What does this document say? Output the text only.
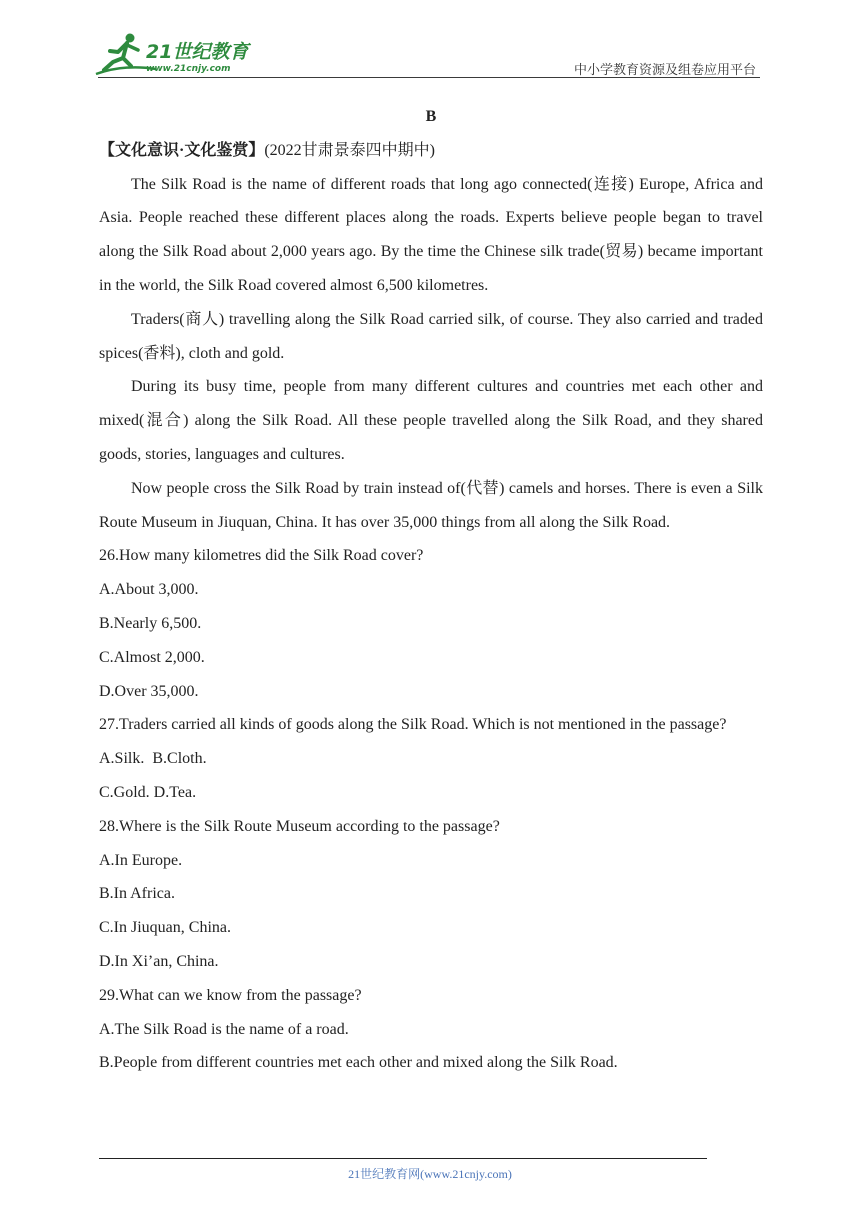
21世纪教育
www.21cnjy.com	中小学教育资源及组卷应用平台

B

【文化意识·文化鉴赏】(2022甘肃景泰四中期中)

The Silk Road is the name of different roads that long ago connected(连接) Europe, Africa and Asia. People reached these different places along the roads. Experts believe people began to travel along the Silk Road about 2,000 years ago. By the time the Chinese silk trade(贸易) became important in the world, the Silk Road covered almost 6,500 kilometres.

Traders(商人) travelling along the Silk Road carried silk, of course. They also carried and traded spices(香料), cloth and gold.

During its busy time, people from many different cultures and countries met each other and mixed(混合) along the Silk Road. All these people travelled along the Silk Road, and they shared goods, stories, languages and cultures.

Now people cross the Silk Road by train instead of(代替) camels and horses. There is even a Silk Route Museum in Jiuquan, China. It has over 35,000 things from all along the Silk Road.

26.How many kilometres did the Silk Road cover?

A.About 3,000.

B.Nearly 6,500.

C.Almost 2,000.

D.Over 35,000.

27.Traders carried all kinds of goods along the Silk Road. Which is not mentioned in the passage?

A.Silk. B.Cloth.

C.Gold. D.Tea.

28.Where is the Silk Route Museum according to the passage?

A.In Europe.

B.In Africa.

C.In Jiuquan, China.

D.In Xi’an, China.

29.What can we know from the passage?

A.The Silk Road is the name of a road.

B.People from different countries met each other and mixed along the Silk Road.

21世纪教育网(www.21cnjy.com)
